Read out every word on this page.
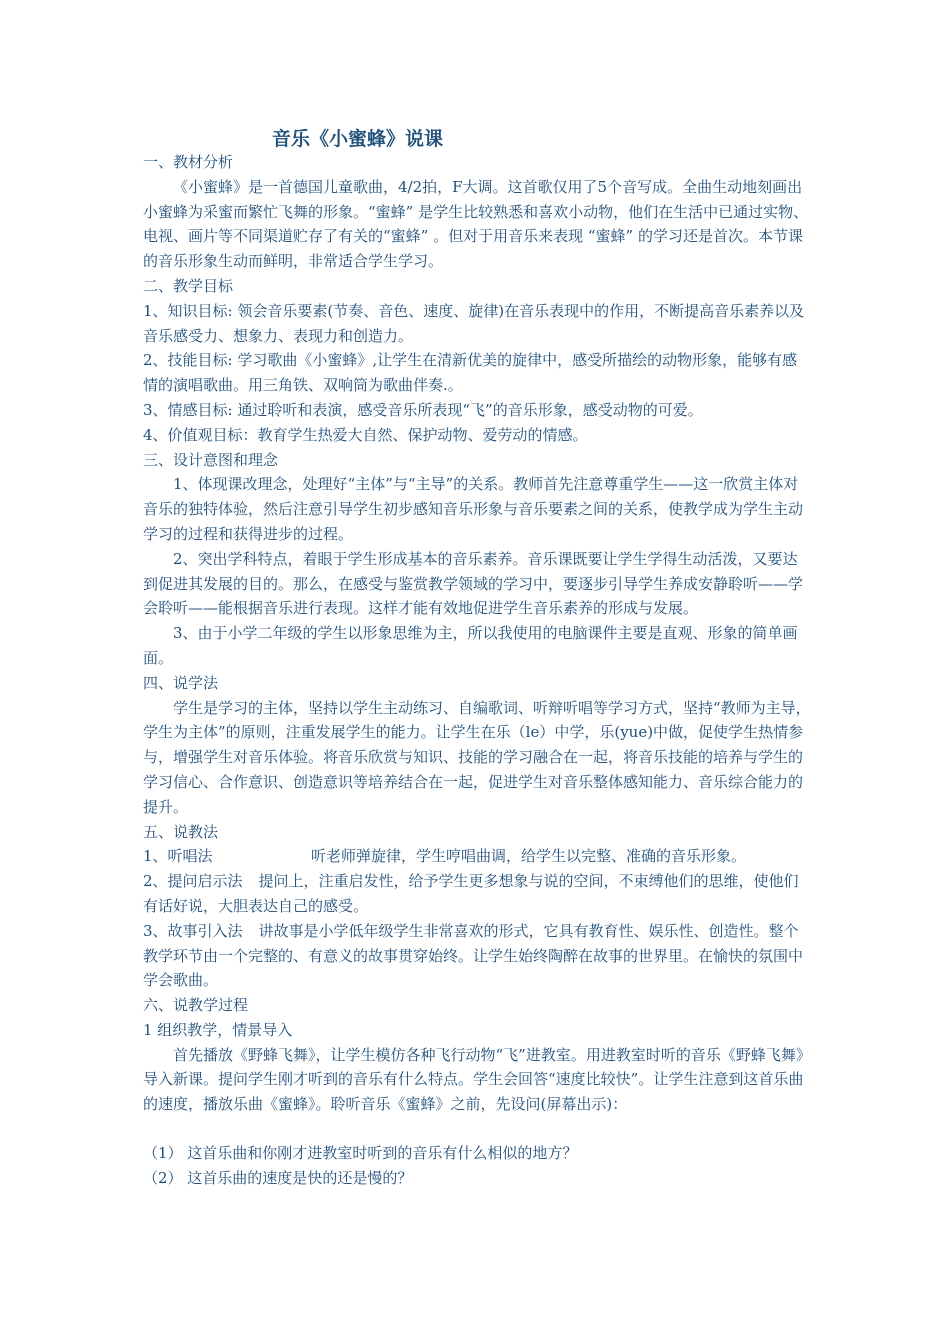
音乐《小蜜蜂》说课

一、教材分析

《小蜜蜂》是一首德国儿童歌曲，4/2拍，F大调。这首歌仅用了5个音写成。全曲生动地刻画出小蜜蜂为采蜜而繁忙飞舞的形象。“蜜蜂” 是学生比较熟悉和喜欢小动物，他们在生活中已通过实物、电视、画片等不同渠道贮存了有关的“蜜蜂” 。但对于用音乐来表现 “蜜蜂” 的学习还是首次。本节课的音乐形象生动而鲜明，非常适合学生学习。

二、教学目标

1、知识目标: 领会音乐要素(节奏、音色、速度、旋律)在音乐表现中的作用，不断提高音乐素养以及音乐感受力、想象力、表现力和创造力。

2、技能目标: 学习歌曲《小蜜蜂》,让学生在清新优美的旋律中，感受所描绘的动物形象，能够有感情的演唱歌曲。用三角铁、双响筒为歌曲伴奏.。

3、情感目标: 通过聆听和表演，感受音乐所表现“飞”的音乐形象，感受动物的可爱。

4、价值观目标：教育学生热爱大自然、保护动物、爱劳动的情感。

三、设计意图和理念

1、体现课改理念，处理好“主体”与“主导”的关系。教师首先注意尊重学生——这一欣赏主体对音乐的独特体验，然后注意引导学生初步感知音乐形象与音乐要素之间的关系，使教学成为学生主动学习的过程和获得进步的过程。

2、突出学科特点，着眼于学生形成基本的音乐素养。音乐课既要让学生学得生动活泼，又要达到促进其发展的目的。那么，在感受与鉴赏教学领域的学习中，要逐步引导学生养成安静聆听——学会聆听——能根据音乐进行表现。这样才能有效地促进学生音乐素养的形成与发展。

3、由于小学二年级的学生以形象思维为主，所以我使用的电脑课件主要是直观、形象的简单画面。

四、说学法

学生是学习的主体，坚持以学生主动练习、自编歌词、听辩听唱等学习方式，坚持“教师为主导，学生为主体”的原则，注重发展学生的能力。让学生在乐（le）中学，乐(yue)中做，促使学生热情参与，增强学生对音乐体验。将音乐欣赏与知识、技能的学习融合在一起，将音乐技能的培养与学生的学习信心、合作意识、创造意识等培养结合在一起，促进学生对音乐整体感知能力、音乐综合能力的提升。

五、说教法

1、听唱法	听老师弹旋律，学生哼唱曲调，给学生以完整、准确的音乐形象。

2、提问启示法 提问上，注重启发性，给予学生更多想象与说的空间，不束缚他们的思维，使他们有话好说，大胆表达自己的感受。

3、故事引入法 讲故事是小学低年级学生非常喜欢的形式，它具有教育性、娱乐性、创造性。整个教学环节由一个完整的、有意义的故事贯穿始终。让学生始终陶醉在故事的世界里。在愉快的氛围中学会歌曲。

六、说教学过程

1 组织教学，情景导入

首先播放《野蜂飞舞》，让学生模仿各种飞行动物“飞”进教室。用进教室时听的音乐《野蜂飞舞》导入新课。提问学生刚才听到的音乐有什么特点。学生会回答“速度比较快”。让学生注意到这首乐曲的速度，播放乐曲《蜜蜂》。聆听音乐《蜜蜂》之前，先设问(屏幕出示)：

（1） 这首乐曲和你刚才进教室时听到的音乐有什么相似的地方？

（2） 这首乐曲的速度是快的还是慢的？
